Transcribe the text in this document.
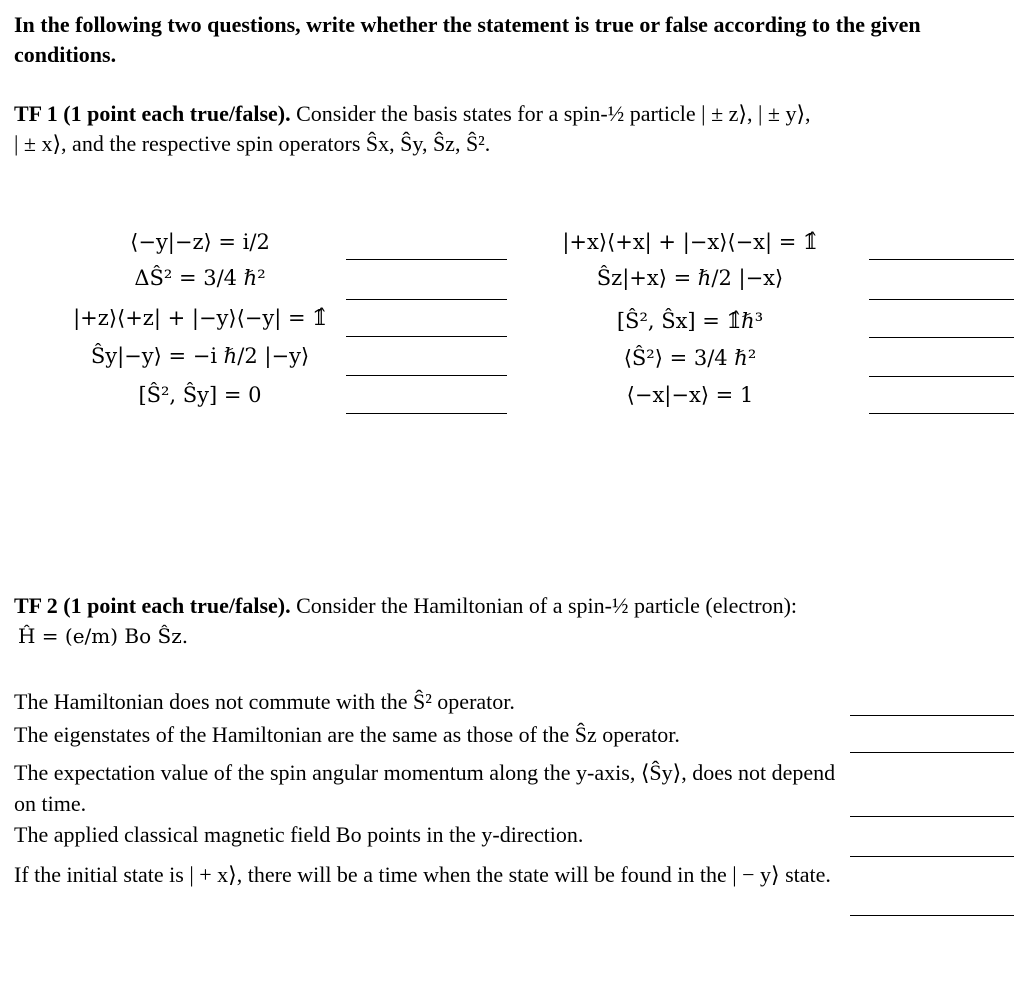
In the following two questions, write whether the statement is true or false according to the given conditions.
TF 1 (1 point each true/false). Consider the basis states for a spin-½ particle | ± z⟩, | ± y⟩,
| ± x⟩, and the respective spin operators Ŝx, Ŝy, Ŝz, Ŝ².
⟨−y|−z⟩ = i/2
ΔŜ² = 3/4 ℏ²
|+z⟩⟨+z| + |−y⟩⟨−y| = 𝟙̂
Ŝy|−y⟩ = −i ℏ/2 |−y⟩
[Ŝ², Ŝy] = 0
|+x⟩⟨+x| + |−x⟩⟨−x| = 𝟙̂
Ŝz|+x⟩ = ℏ/2 |−x⟩
[Ŝ², Ŝx] = 𝟙̂ℏ³
⟨Ŝ²⟩ = 3/4 ℏ²
⟨−x|−x⟩ = 1
TF 2 (1 point each true/false). Consider the Hamiltonian of a spin-½ particle (electron):
Ĥ = (e/m) Bo Ŝz.
The Hamiltonian does not commute with the Ŝ² operator.
The eigenstates of the Hamiltonian are the same as those of the Ŝz operator.
The expectation value of the spin angular momentum along the y-axis, ⟨Ŝy⟩, does not depend on time.
The applied classical magnetic field Bo points in the y-direction.
If the initial state is | + x⟩, there will be a time when the state will be found in the | − y⟩ state.
